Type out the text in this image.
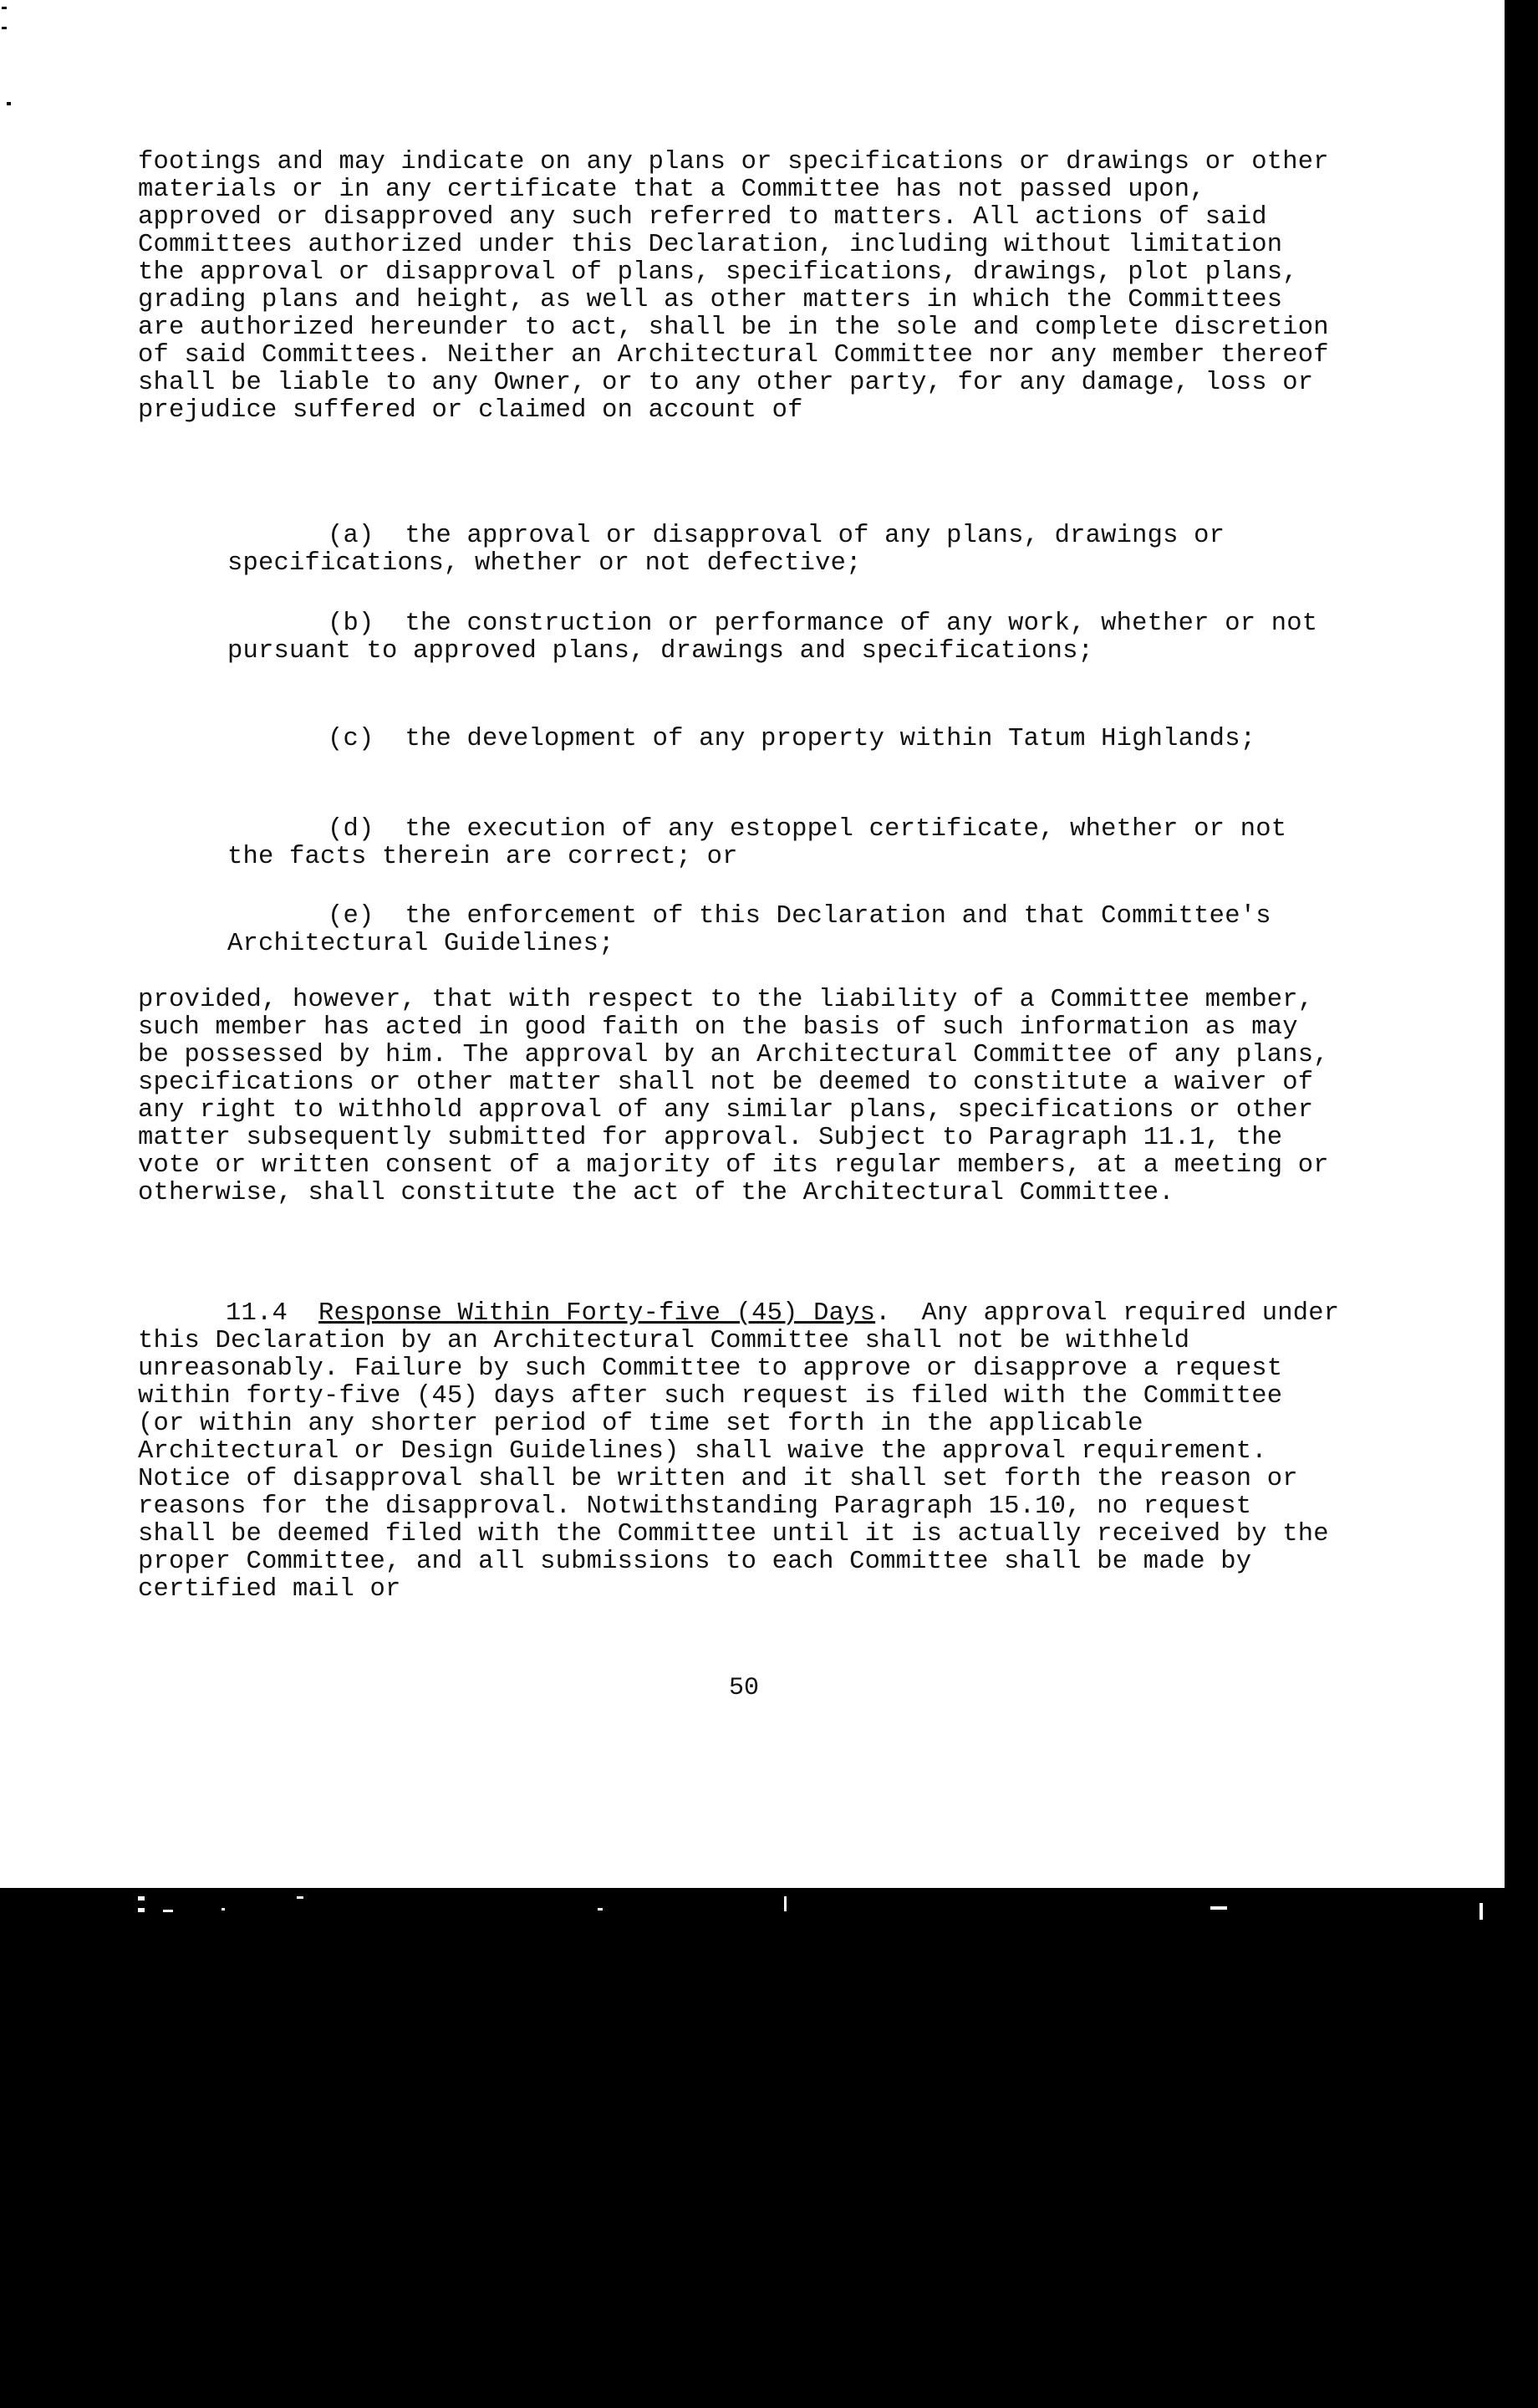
footings and may indicate on any plans or specifications or drawings or other materials or in any certificate that a Committee has not passed upon, approved or disapproved any such referred to matters. All actions of said Committees authorized under this Declaration, including without limitation the approval or disapproval of plans, specifications, drawings, plot plans, grading plans and height, as well as other matters in which the Committees are authorized hereunder to act, shall be in the sole and complete discretion of said Committees. Neither an Architectural Committee nor any member thereof shall be liable to any Owner, or to any other party, for any damage, loss or prejudice suffered or claimed on account of
(a) the approval or disapproval of any plans, drawings or specifications, whether or not defective;
(b) the construction or performance of any work, whether or not pursuant to approved plans, drawings and specifications;
(c) the development of any property within Tatum Highlands;
(d) the execution of any estoppel certificate, whether or not the facts therein are correct; or
(e) the enforcement of this Declaration and that Committee's Architectural Guidelines;
provided, however, that with respect to the liability of a Committee member, such member has acted in good faith on the basis of such information as may be possessed by him. The approval by an Architectural Committee of any plans, specifications or other matter shall not be deemed to constitute a waiver of any right to withhold approval of any similar plans, specifications or other matter subsequently submitted for approval. Subject to Paragraph 11.1, the vote or written consent of a majority of its regular members, at a meeting or otherwise, shall constitute the act of the Architectural Committee.
11.4 Response Within Forty-five (45) Days. Any approval required under this Declaration by an Architectural Committee shall not be withheld unreasonably. Failure by such Committee to approve or disapprove a request within forty-five (45) days after such request is filed with the Committee (or within any shorter period of time set forth in the applicable Architectural or Design Guidelines) shall waive the approval requirement. Notice of disapproval shall be written and it shall set forth the reason or reasons for the disapproval. Notwithstanding Paragraph 15.10, no request shall be deemed filed with the Committee until it is actually received by the proper Committee, and all submissions to each Committee shall be made by certified mail or
50
